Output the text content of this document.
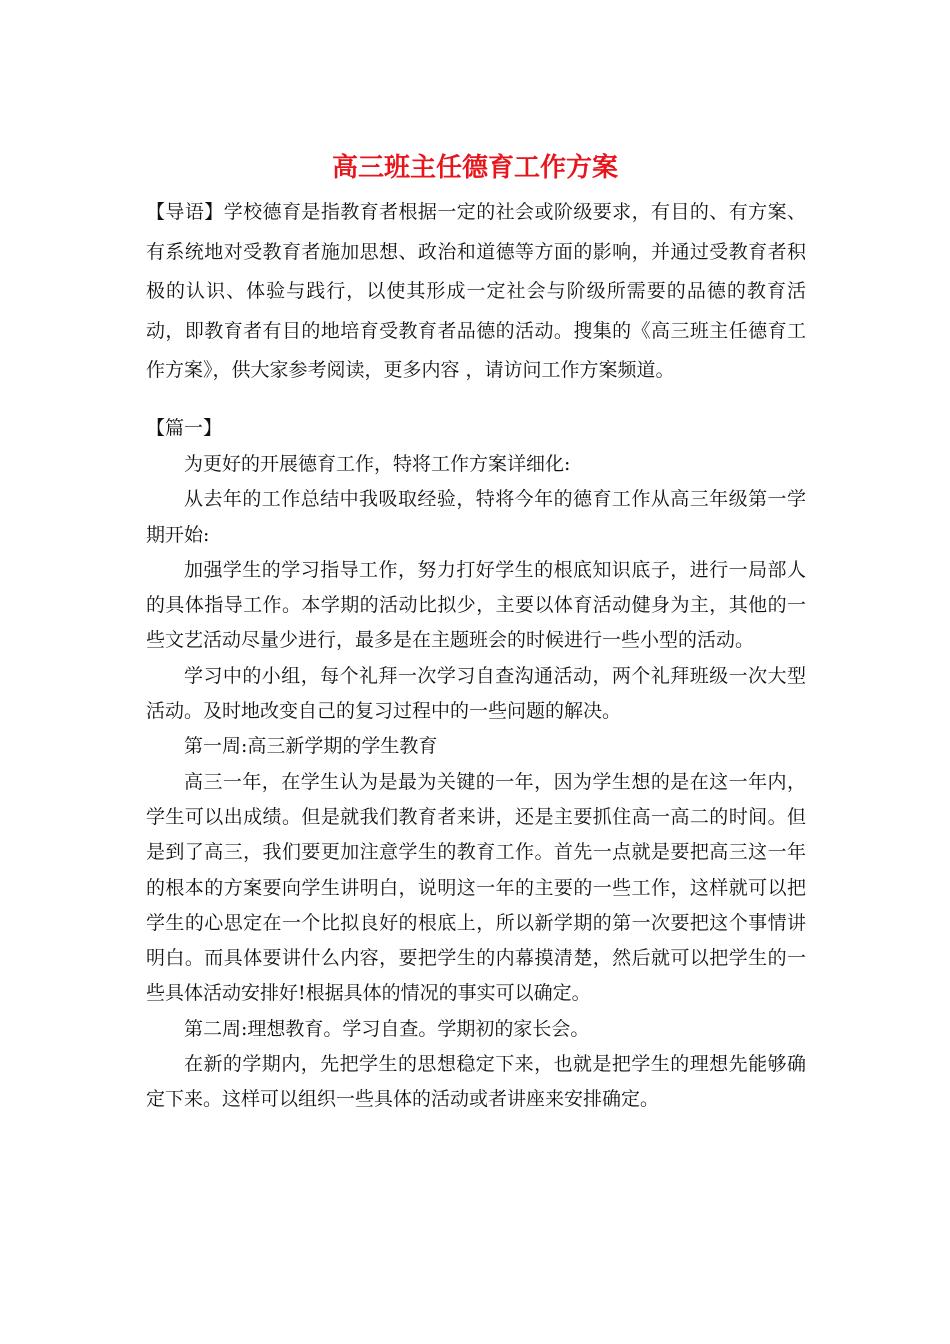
高三班主任德育工作方案

【导语】学校德育是指教育者根据一定的社会或阶级要求，有目的、有方案、有系统地对受教育者施加思想、政治和道德等方面的影响，并通过受教育者积极的认识、体验与践行，以使其形成一定社会与阶级所需要的品德的教育活动，即教育者有目的地培育受教育者品德的活动。搜集的《高三班主任德育工作方案》，供大家参考阅读，更多内容 ，请访问工作方案频道。

【篇一】

为更好的开展德育工作，特将工作方案详细化:

从去年的工作总结中我吸取经验，特将今年的德育工作从高三年级第一学期开始:

加强学生的学习指导工作，努力打好学生的根底知识底子，进行一局部人的具体指导工作。本学期的活动比拟少，主要以体育活动健身为主，其他的一些文艺活动尽量少进行，最多是在主题班会的时候进行一些小型的活动。

学习中的小组，每个礼拜一次学习自查沟通活动，两个礼拜班级一次大型活动。及时地改变自己的复习过程中的一些问题的解决。

第一周:高三新学期的学生教育

高三一年，在学生认为是最为关键的一年，因为学生想的是在这一年内，学生可以出成绩。但是就我们教育者来讲，还是主要抓住高一高二的时间。但是到了高三，我们要更加注意学生的教育工作。首先一点就是要把高三这一年的根本的方案要向学生讲明白，说明这一年的主要的一些工作，这样就可以把学生的心思定在一个比拟良好的根底上，所以新学期的第一次要把这个事情讲明白。而具体要讲什么内容，要把学生的内幕摸清楚，然后就可以把学生的一些具体活动安排好!根据具体的情况的事实可以确定。

第二周:理想教育。学习自查。学期初的家长会。

在新的学期内，先把学生的思想稳定下来，也就是把学生的理想先能够确定下来。这样可以组织一些具体的活动或者讲座来安排确定。
